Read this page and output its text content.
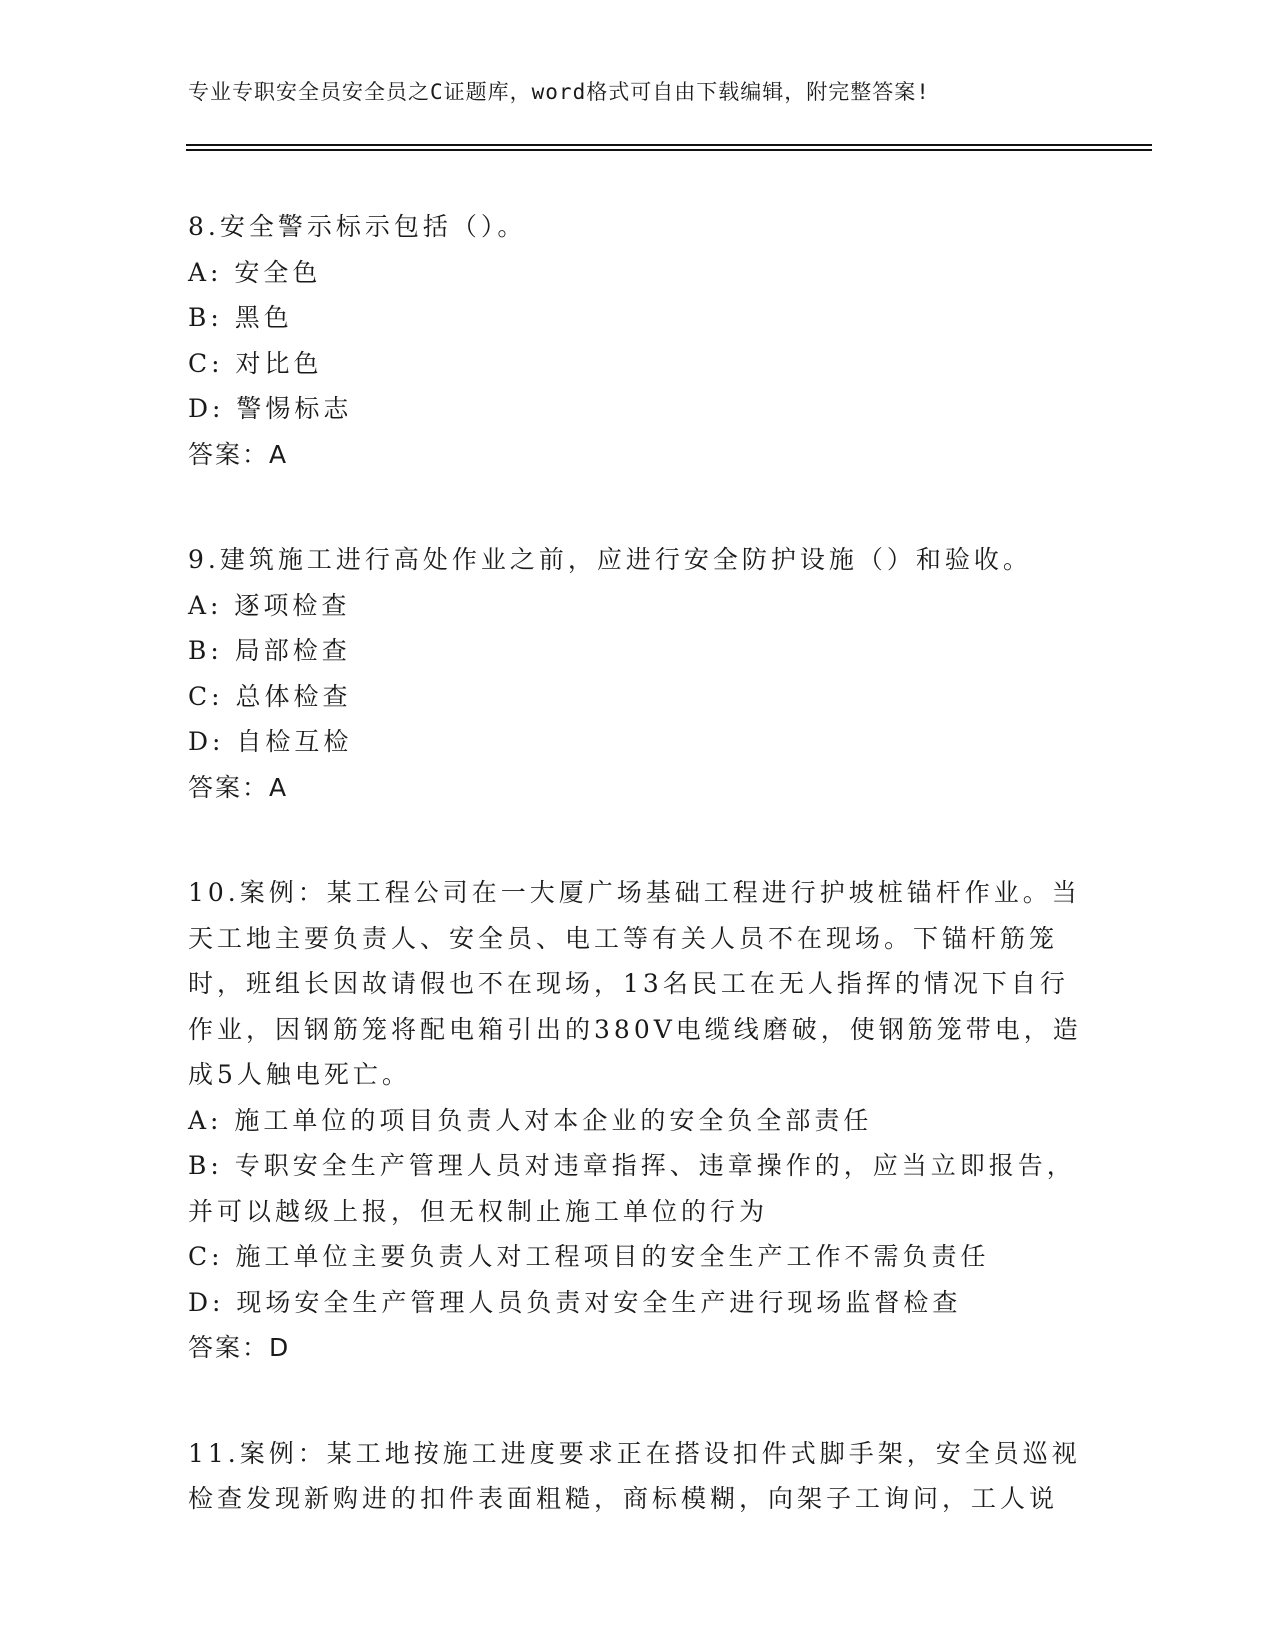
专业专职安全员安全员之C证题库，word格式可自由下载编辑，附完整答案!
8.安全警示标示包括（）。
A: 安全色
B: 黑色
C: 对比色
D: 警惕标志
答案：A
9.建筑施工进行高处作业之前，应进行安全防护设施（）和验收。
A: 逐项检查
B: 局部检查
C: 总体检查
D: 自检互检
答案：A
10.案例：某工程公司在一大厦广场基础工程进行护坡桩锚杆作业。当
天工地主要负责人、安全员、电工等有关人员不在现场。下锚杆筋笼
时，班组长因故请假也不在现场，13名民工在无人指挥的情况下自行
作业，因钢筋笼将配电箱引出的380V电缆线磨破，使钢筋笼带电，造
成5人触电死亡。
A: 施工单位的项目负责人对本企业的安全负全部责任
B: 专职安全生产管理人员对违章指挥、违章操作的，应当立即报告，
并可以越级上报，但无权制止施工单位的行为
C: 施工单位主要负责人对工程项目的安全生产工作不需负责任
D: 现场安全生产管理人员负责对安全生产进行现场监督检查
答案：D
11.案例：某工地按施工进度要求正在搭设扣件式脚手架，安全员巡视
检查发现新购进的扣件表面粗糙，商标模糊，向架子工询问，工人说
